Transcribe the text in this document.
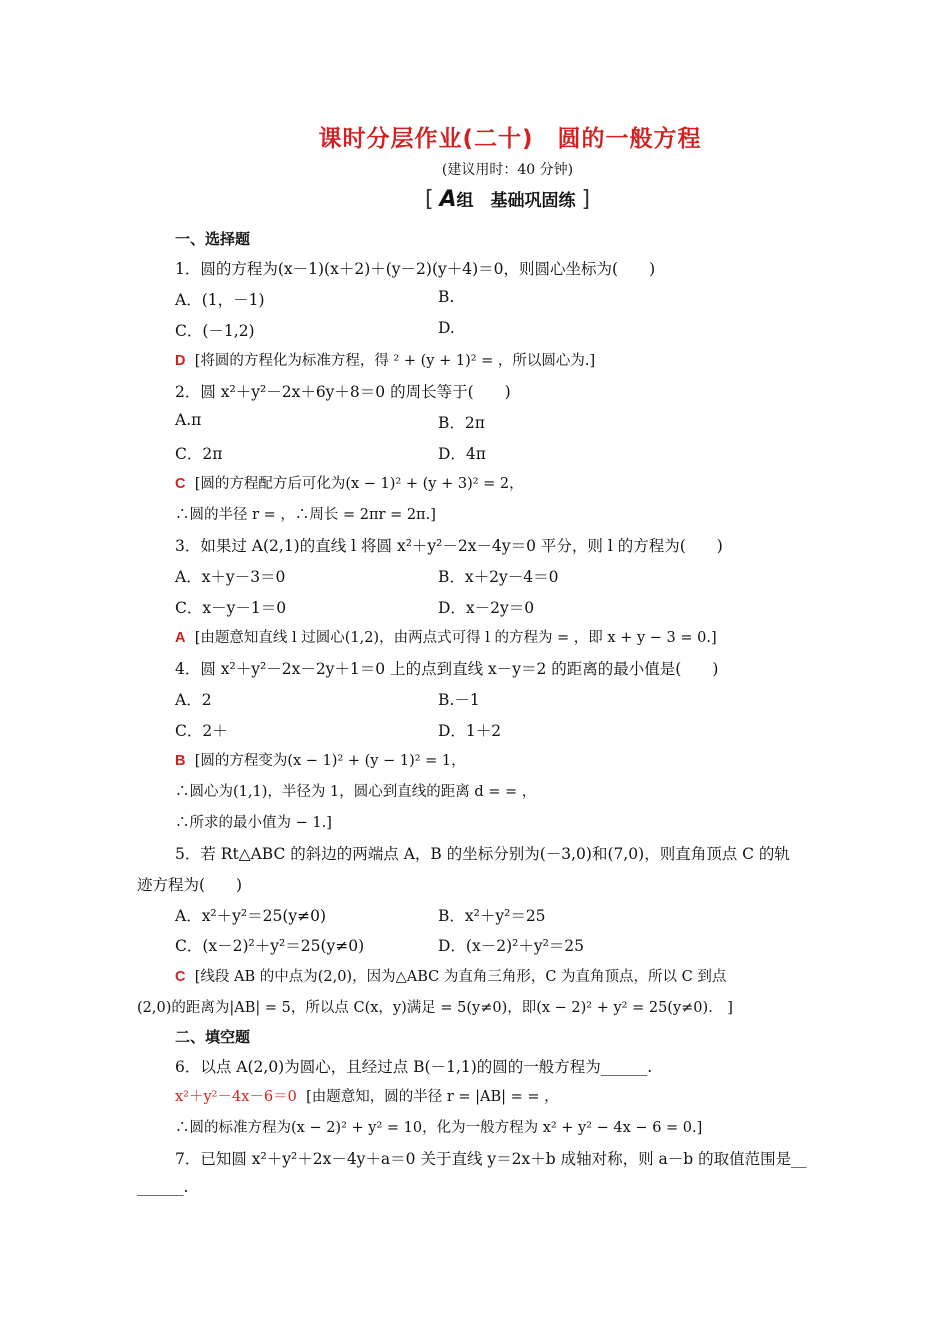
课时分层作业(二十)　圆的一般方程
(建议用时：40 分钟)
[ A组　基础巩固练 ]
一、选择题
1．圆的方程为(x－1)(x＋2)＋(y－2)(y＋4)＝0，则圆心坐标为(　　)
A．(1，－1)	B.
C．(－1,2)	D.
D [将圆的方程化为标准方程，得 ² + (y + 1)² = ，所以圆心为.]
2．圆 x²＋y²－2x＋6y＋8＝0 的周长等于(　　)
A.π	B．2π
C．2π	D．4π
C [圆的方程配方后可化为(x − 1)² + (y + 3)² = 2，
∴圆的半径 r = ，∴周长 = 2πr = 2π.]
3．如果过 A(2,1)的直线 l 将圆 x²＋y²－2x－4y＝0 平分，则 l 的方程为(　　)
A．x＋y－3＝0	B．x＋2y－4＝0
C．x－y－1＝0	D．x－2y＝0
A [由题意知直线 l 过圆心(1,2)，由两点式可得 l 的方程为 = ，即 x + y − 3 = 0.]
4．圆 x²＋y²－2x－2y＋1＝0 上的点到直线 x－y＝2 的距离的最小值是(　　)
A．2	B.－1
C．2＋	D．1＋2
B [圆的方程变为(x − 1)² + (y − 1)² = 1，
∴圆心为(1,1)，半径为 1，圆心到直线的距离 d = = ，
∴所求的最小值为 − 1.]
5．若 Rt△ABC 的斜边的两端点 A，B 的坐标分别为(－3,0)和(7,0)，则直角顶点 C 的轨
迹方程为(　　)
A．x²＋y²＝25(y≠0)	B．x²＋y²＝25
C．(x－2)²＋y²＝25(y≠0)	D．(x－2)²＋y²＝25
C [线段 AB 的中点为(2,0)，因为△ABC 为直角三角形，C 为直角顶点，所以 C 到点
(2,0)的距离为|AB| = 5，所以点 C(x，y)满足 = 5(y≠0)，即(x − 2)² + y² = 25(y≠0).　]
二、填空题
6．以点 A(2,0)为圆心，且经过点 B(－1,1)的圆的一般方程为______.
x²＋y²－4x－6＝0 [由题意知，圆的半径 r = |AB| = = ，
∴圆的标准方程为(x − 2)² + y² = 10，化为一般方程为 x² + y² − 4x − 6 = 0.]
7．已知圆 x²＋y²＋2x－4y＋a＝0 关于直线 y＝2x＋b 成轴对称，则 a－b 的取值范围是__
______.
